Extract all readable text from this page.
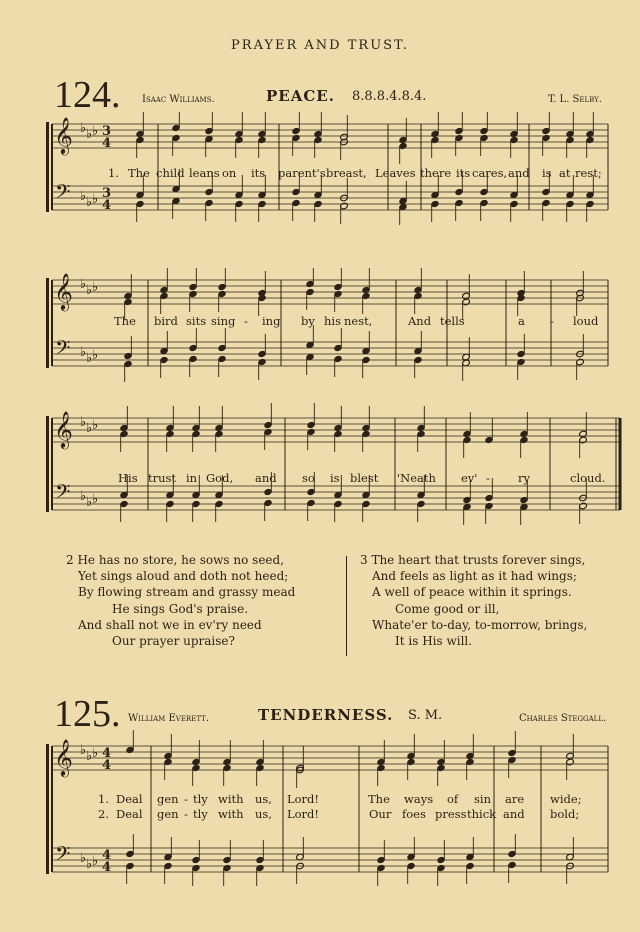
PRAYER AND TRUST.
124. Isaac Williams.	PEACE. 8.8.8.4.8.4.	T. L. Selby.
𝄞
𝄢
♭ ♭ ♭
♭ ♭ ♭
3
4
3
4
𝄞
𝄢
♭ ♭ ♭
♭ ♭ ♭
𝄞
𝄢
♭ ♭ ♭
♭ ♭ ♭
1. The child leans on its parent's breast, Leaves there its cares, and is at rest;
The bird sits sing - ing by his nest,	And tells	a - loud
His trust in God, and so is blest 'Neath ev' - ry	cloud.
2 He has no store, he sows no seed,
Yet sings aloud and doth not heed;
By flowing stream and grassy mead
He sings God's praise.
And shall not we in ev'ry need
Our prayer upraise?
3 The heart that trusts forever sings,
And feels as light as it had wings;
A well of peace within it springs.
Come good or ill,
Whate'er to-day, to-morrow, brings,
It is His will.
125. William Everett.	TENDERNESS. S. M.	Charles Steggall.
𝄞
𝄢
♭ ♭ ♭
♭ ♭ ♭
4
4
4
4
1. Deal gen - tly with us, Lord!	The ways of sin are wide;
2. Deal gen - tly with us, Lord!	Our foes press thick and bold;
